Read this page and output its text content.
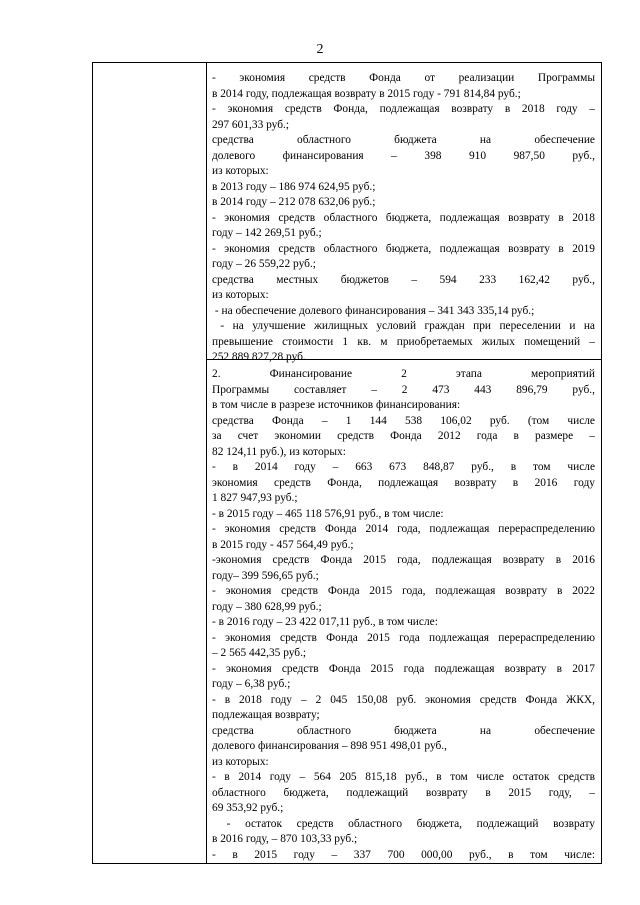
2

-   экономия   средств   Фонда   от   реализации   Программы

в 2014 году, подлежащая возврату в 2015 году - 791 814,84 руб.;

- экономия средств Фонда, подлежащая возврату в 2018 году –

297 601,33 руб.;

средства областного бюджета на обеспечение

долевого финансирования – 398 910 987,50 руб.,

из которых:

в 2013 году – 186 974 624,95 руб.;

в 2014 году – 212 078 632,06 руб.;

- экономия средств областного бюджета, подлежащая возврату в 2018

году – 142 269,51 руб.;

- экономия средств областного бюджета, подлежащая возврату в 2019

году – 26 559,22 руб.;

средства местных бюджетов – 594 233 162,42 руб.,

из которых:

- на обеспечение долевого финансирования – 341 343 335,14 руб.;

- на улучшение жилищных условий граждан при переселении и на

превышение стоимости 1 кв. м приобретаемых жилых помещений –

252 889 827,28 руб.

2. Финансирование 2 этапа мероприятий

Программы составляет – 2 473 443 896,79 руб.,

в том числе в разрезе источников финансирования:

средства Фонда – 1 144 538 106,02 руб. (том числе

за счет экономии средств Фонда 2012 года в размере –

82 124,11 руб.), из которых:

- в 2014 году – 663 673 848,87 руб., в том числе

экономия средств Фонда, подлежащая возврату в 2016 году

1 827 947,93 руб.;

- в 2015 году – 465 118 576,91 руб., в том числе:

- экономия средств Фонда 2014 года, подлежащая перераспределению

в 2015 году - 457 564,49 руб.;

-экономия средств Фонда 2015 года, подлежащая возврату в 2016

году– 399 596,65 руб.;

- экономия средств Фонда 2015 года, подлежащая возврату в 2022

году – 380 628,99 руб.;

- в 2016 году – 23 422 017,11 руб., в том числе:

- экономия средств Фонда 2015 года подлежащая перераспределению

– 2 565 442,35 руб.;

- экономия средств Фонда 2015 года подлежащая возврату в 2017

году – 6,38 руб.;

- в 2018 году – 2 045 150,08 руб. экономия средств Фонда ЖКХ,

подлежащая возврату;

средства областного бюджета на обеспечение

долевого финансирования – 898 951 498,01 руб.,

из которых:

- в 2014 году – 564 205 815,18 руб., в том числе остаток средств

областного бюджета, подлежащий возврату в 2015 году, –

69 353,92 руб.;

- остаток средств областного бюджета, подлежащий возврату

в 2016 году, – 870 103,33 руб.;

- в 2015 году – 337 700 000,00 руб., в том числе:
